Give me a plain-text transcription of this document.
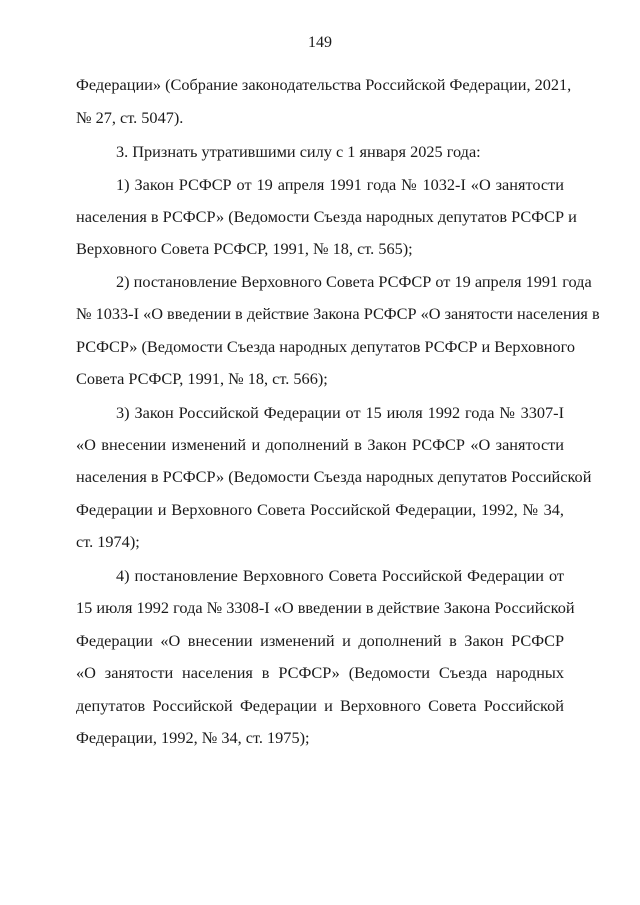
149
Федерации» (Собрание законодательства Российской Федерации, 2021,
№ 27, ст. 5047).
3. Признать утратившими силу с 1 января 2025 года:
1) Закон РСФСР от 19 апреля 1991 года № 1032-I «О занятости
населения в РСФСР» (Ведомости Съезда народных депутатов РСФСР и
Верховного Совета РСФСР, 1991, № 18, ст. 565);
2) постановление Верховного Совета РСФСР от 19 апреля 1991 года
№ 1033-I «О введении в действие Закона РСФСР «О занятости населения в
РСФСР» (Ведомости Съезда народных депутатов РСФСР и Верховного
Совета РСФСР, 1991, № 18, ст. 566);
3) Закон Российской Федерации от 15 июля 1992 года № 3307-I
«О внесении изменений и дополнений в Закон РСФСР «О занятости
населения в РСФСР» (Ведомости Съезда народных депутатов Российской
Федерации и Верховного Совета Российской Федерации, 1992, № 34,
ст. 1974);
4) постановление Верховного Совета Российской Федерации от
15 июля 1992 года № 3308-I «О введении в действие Закона Российской
Федерации «О внесении изменений и дополнений в Закон РСФСР
«О занятости населения в РСФСР» (Ведомости Съезда народных
депутатов Российской Федерации и Верховного Совета Российской
Федерации, 1992, № 34, ст. 1975);
